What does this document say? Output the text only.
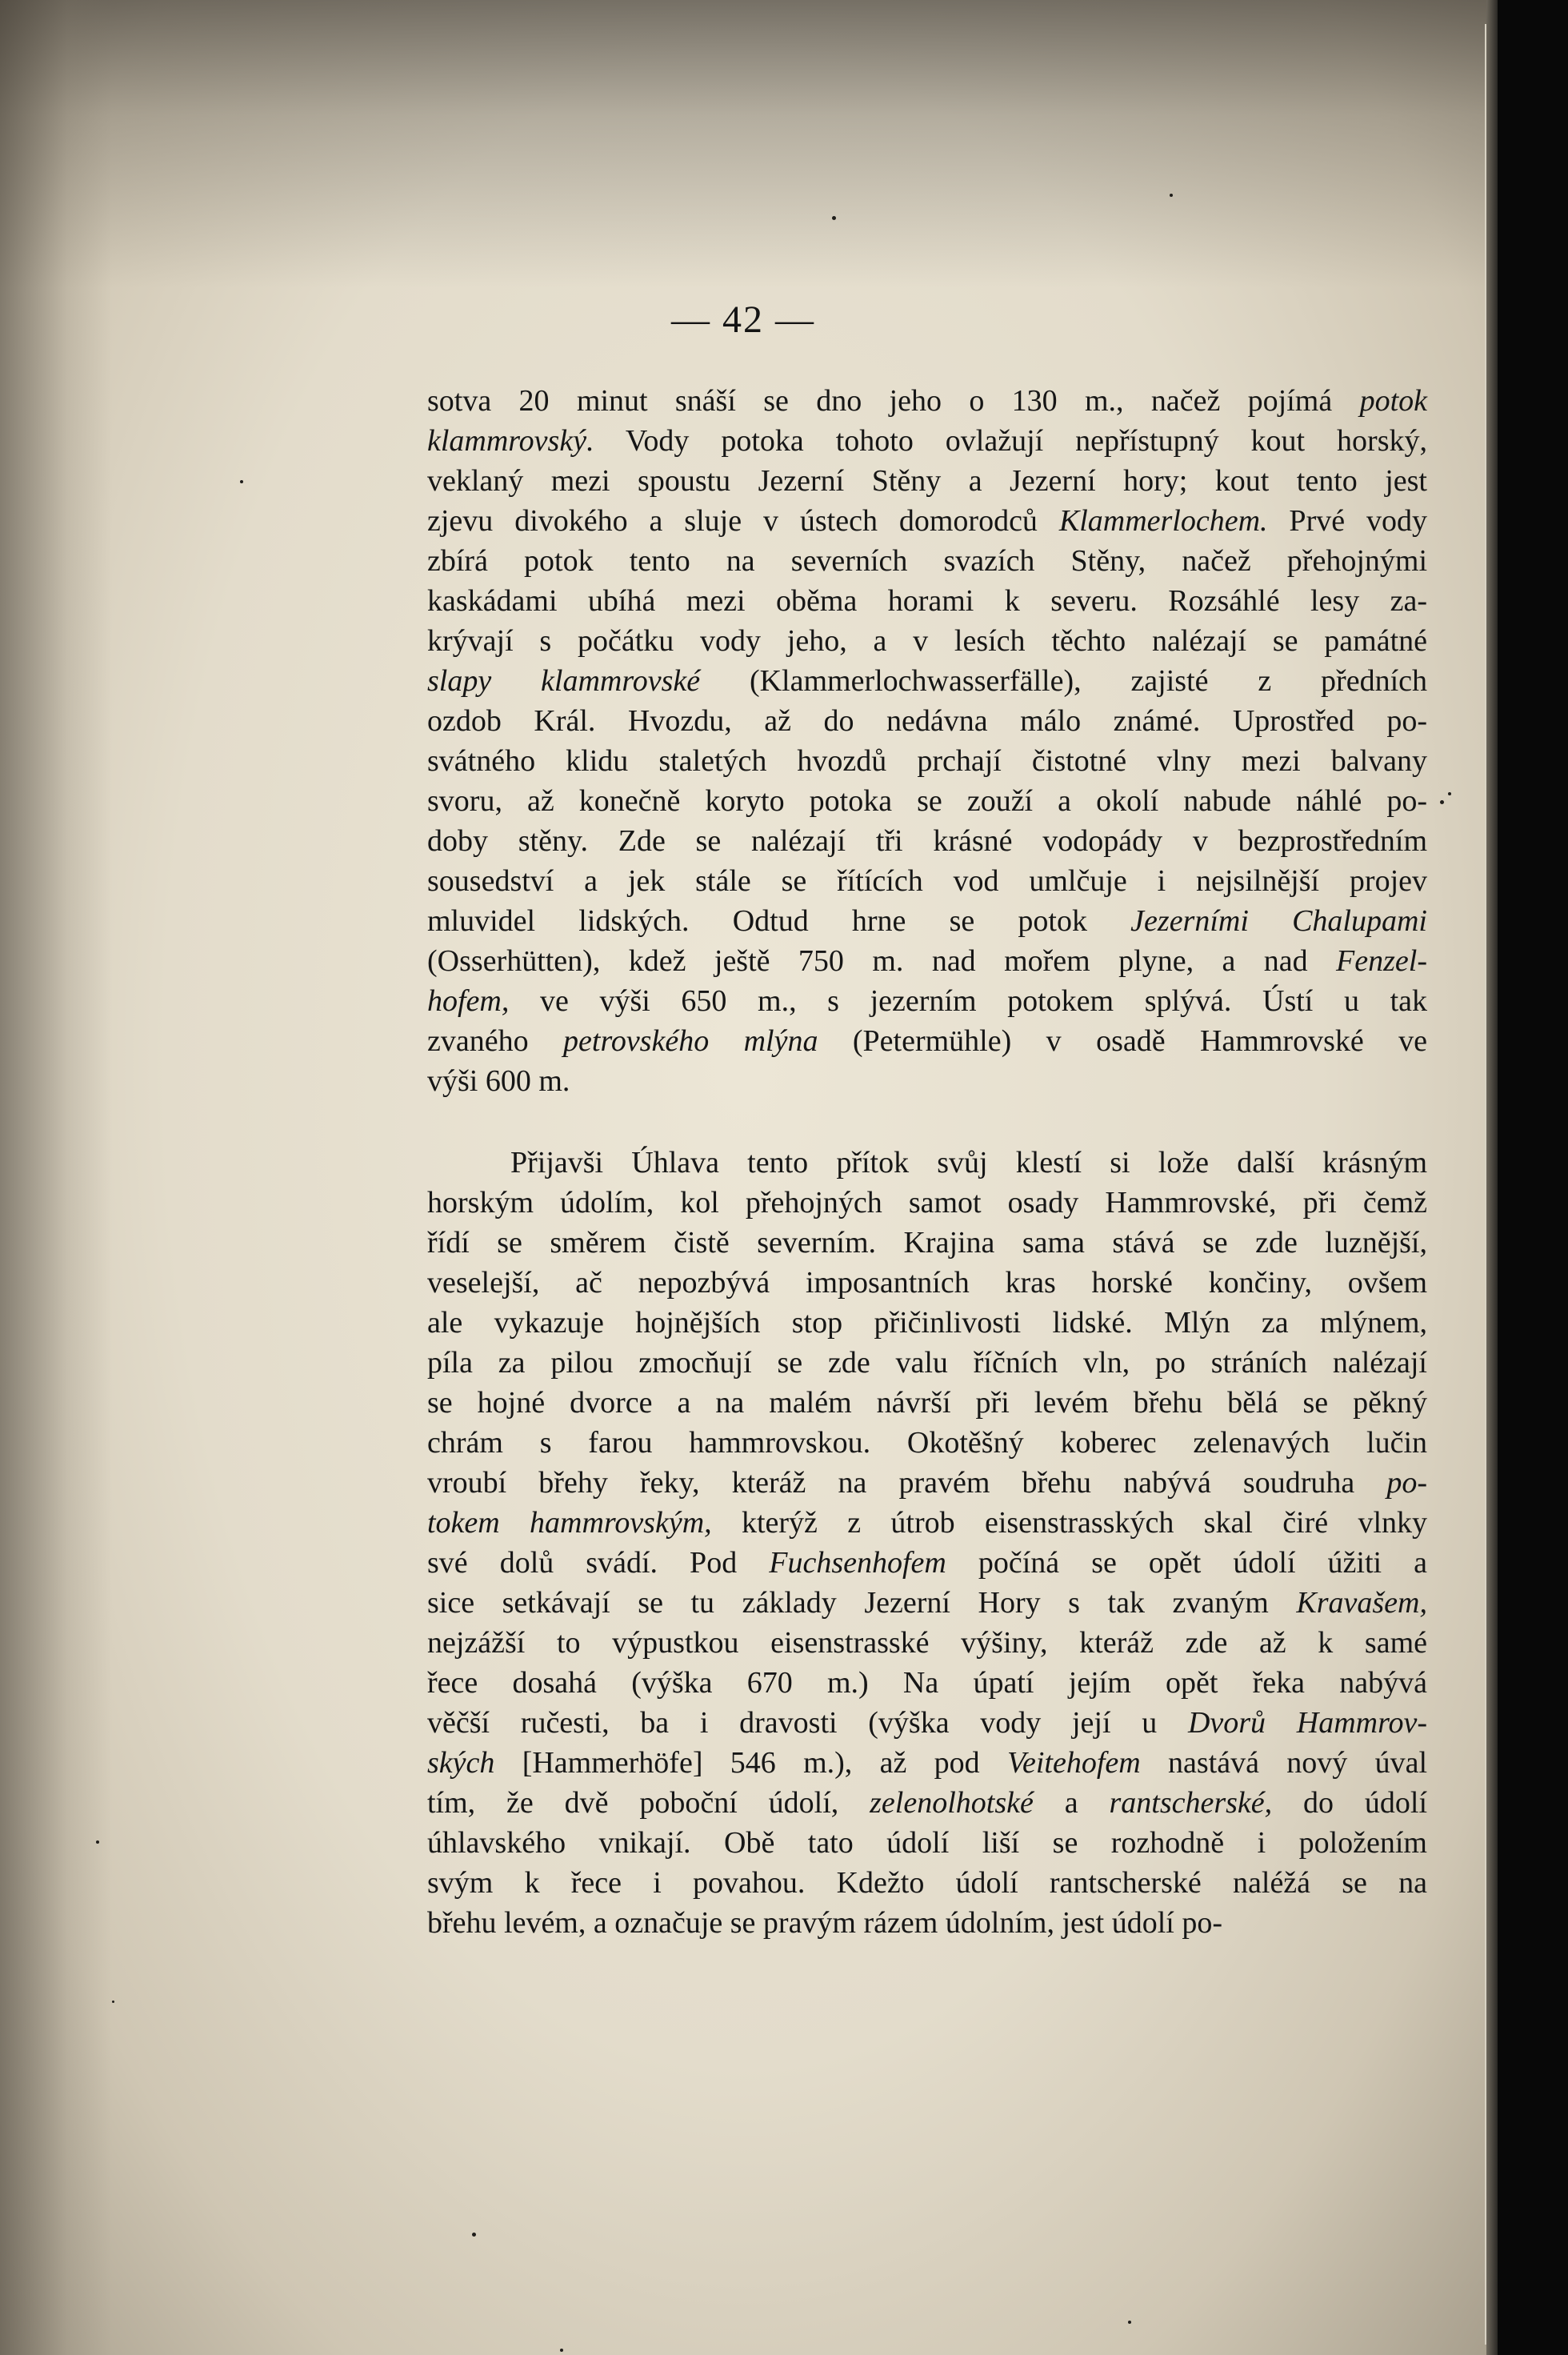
— 42 —
sotva 20 minut snáší se dno jeho o 130 m., načež pojímá potok
klammrovský. Vody potoka tohoto ovlažují nepřístupný kout horský,
veklaný mezi spoustu Jezerní Stěny a Jezerní hory; kout tento jest
zjevu divokého a sluje v ústech domorodců Klammerlochem. Prvé vody
zbírá potok tento na severních svazích Stěny, načež přehojnými
kaskádami ubíhá mezi oběma horami k severu. Rozsáhlé lesy za-
krývají s počátku vody jeho, a v lesích těchto nalézají se památné
slapy klammrovské (Klammerlochwasserfälle), zajisté z předních
ozdob Král. Hvozdu, až do nedávna málo známé. Uprostřed po-
svátného klidu staletých hvozdů prchají čistotné vlny mezi balvany
svoru, až konečně koryto potoka se zouží a okolí nabude náhlé po-
doby stěny. Zde se nalézají tři krásné vodopády v bezprostředním
sousedství a jek stále se řítících vod umlčuje i nejsilnější projev
mluvidel lidských. Odtud hrne se potok Jezerními Chalupami
(Osserhütten), kdež ještě 750 m. nad mořem plyne, a nad Fenzel-
hofem, ve výši 650 m., s jezerním potokem splývá. Ústí u tak
zvaného petrovského mlýna (Petermühle) v osadě Hammrovské ve
výši 600 m.
Přijavši Úhlava tento přítok svůj klestí si lože další krásným
horským údolím, kol přehojných samot osady Hammrovské, při čemž
řídí se směrem čistě severním. Krajina sama stává se zde luznější,
veselejší, ač nepozbývá imposantních kras horské končiny, ovšem
ale vykazuje hojnějších stop přičinlivosti lidské. Mlýn za mlýnem,
píla za pilou zmocňují se zde valu říčních vln, po stráních nalézají
se hojné dvorce a na malém návrší při levém břehu bělá se pěkný
chrám s farou hammrovskou. Okotěšný koberec zelenavých lučin
vroubí břehy řeky, kteráž na pravém břehu nabývá soudruha po-
tokem hammrovským, kterýž z útrob eisenstrasských skal čiré vlnky
své dolů svádí. Pod Fuchsenhofem počíná se opět údolí úžiti a
sice setkávají se tu základy Jezerní Hory s tak zvaným Kravašem,
nejzážší to výpustkou eisenstrasské výšiny, kteráž zde až k samé
řece dosahá (výška 670 m.) Na úpatí jejím opět řeka nabývá
věčší ručesti, ba i dravosti (výška vody její u Dvorů Hammrov-
ských [Hammerhöfe] 546 m.), až pod Veitehofem nastává nový úval
tím, že dvě poboční údolí, zelenolhotské a rantscherské, do údolí
úhlavského vnikají. Obě tato údolí liší se rozhodně i položením
svým k řece i povahou. Kdežto údolí rantscherské naléžá se na
břehu levém, a označuje se pravým rázem údolním, jest údolí po-
